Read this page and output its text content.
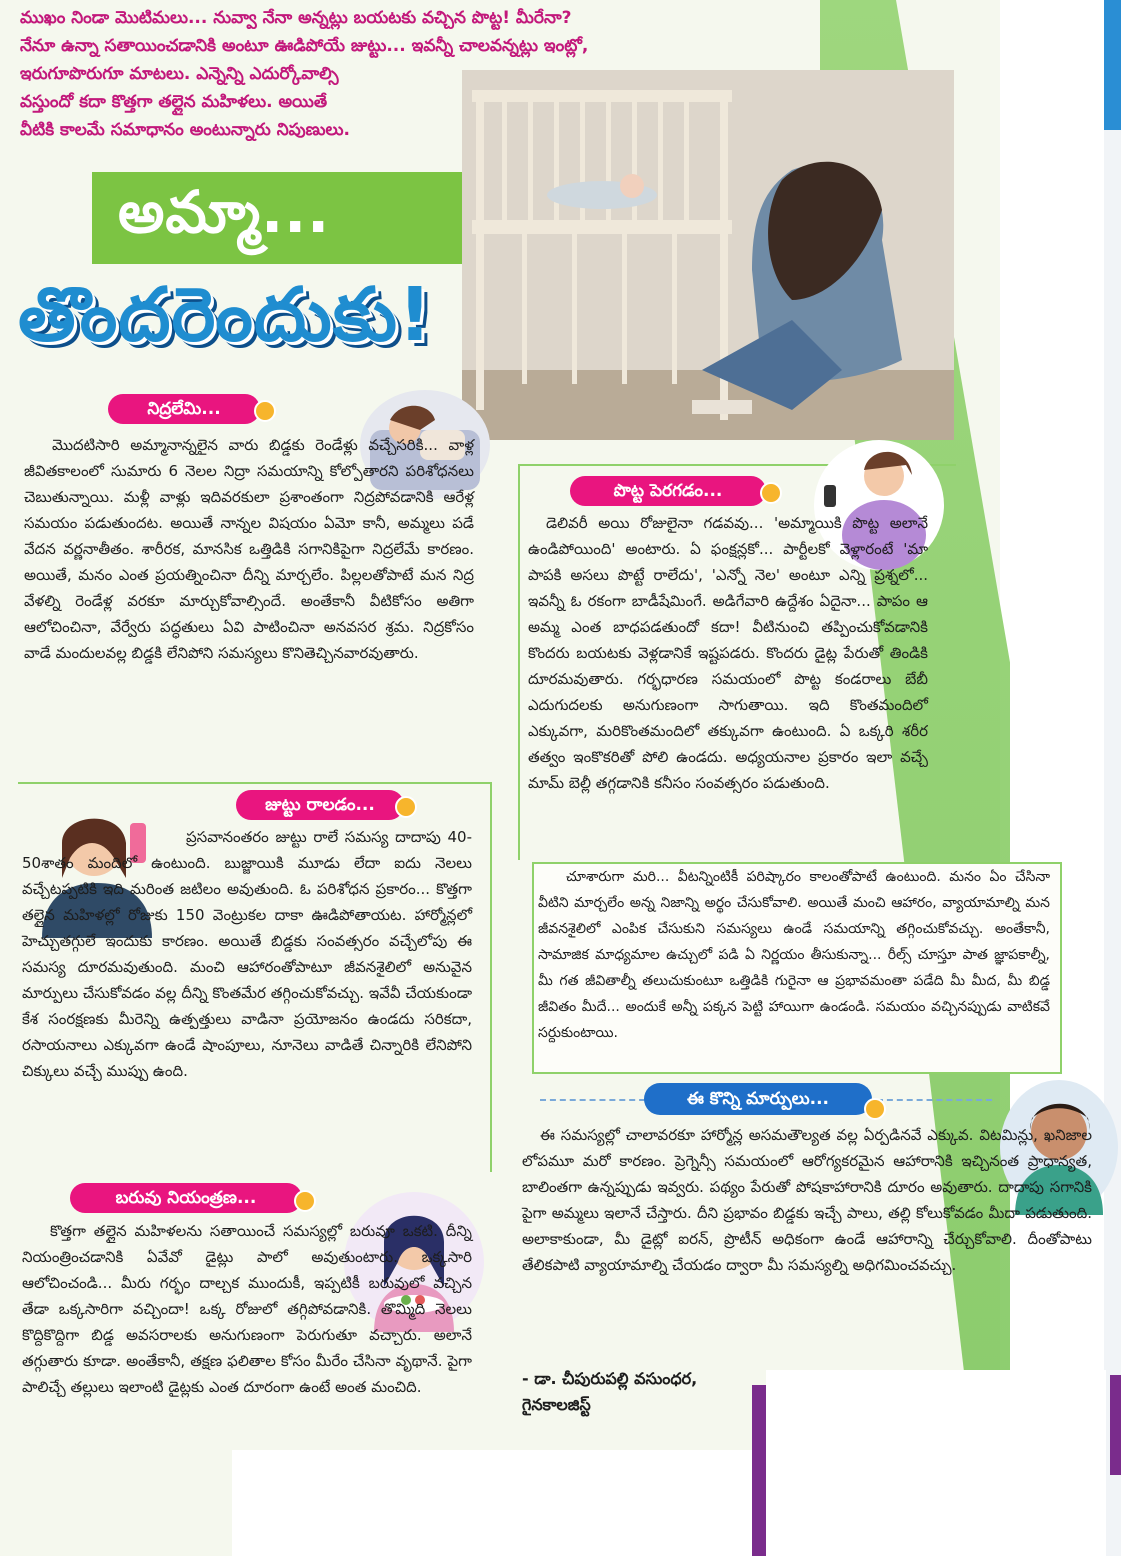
ముఖం నిండా మొటిమలు... నువ్వా నేనా అన్నట్లు బయటకు వచ్చిన పొట్ట! మీరేనా?

నేనూ ఉన్నా సతాయించడానికి అంటూ ఊడిపోయే జుట్టు... ఇవన్నీ చాలవన్నట్లు ఇంట్లో,

ఇరుగూపొరుగూ మాటలు. ఎన్నెన్ని ఎదుర్కోవాల్సి

వస్తుందో కదా కొత్తగా తల్లైన మహిళలు. అయితే

వీటికి కాలమే సమాధానం అంటున్నారు నిపుణులు.

అమ్మా...
తొందరెందుకు!
నిద్రలేమి...

మొదటిసారి అమ్మానాన్నలైన వారు బిడ్డకు రెండేళ్లు వచ్చేసరికి... వాళ్ల జీవితకాలంలో సుమారు 6 నెలల నిద్రా సమయాన్ని కోల్పోతారని పరిశోధనలు చెబుతున్నాయి. మళ్లీ వాళ్లు ఇదివరకులా ప్రశాంతంగా నిద్రపోవడానికి ఆరేళ్ల సమయం పడుతుందట. అయితే నాన్నల విషయం ఏమో కానీ, అమ్మలు పడే వేదన వర్ణనాతీతం. శారీరక, మానసిక ఒత్తిడికి సగానికిపైగా నిద్రలేమే కారణం. అయితే, మనం ఎంత ప్రయత్నించినా దీన్ని మార్చలేం. పిల్లలతోపాటే మన నిద్ర వేళల్ని రెండేళ్ల వరకూ మార్చుకోవాల్సిందే. అంతేకానీ వీటికోసం అతిగా ఆలోచించినా, వేర్వేరు పద్ధతులు ఏవి పాటించినా అనవసర శ్రమ. నిద్రకోసం వాడే మందులవల్ల బిడ్డకి లేనిపోని సమస్యలు కొనితెచ్చినవారవుతారు.

జుట్టు రాలడం...

ప్రసవానంతరం జుట్టు రాలే సమస్య దాదాపు 40-50శాతం మందిలో ఉంటుంది. బుజ్జాయికి మూడు లేదా ఐదు నెలలు వచ్చేటప్పటికి ఇది మరింత జటిలం అవుతుంది. ఓ పరిశోధన ప్రకారం... కొత్తగా తల్లైన మహిళల్లో రోజుకు 150 వెంట్రుకల దాకా ఊడిపోతాయట. హార్మోన్లలో హెచ్చుతగ్గులే ఇందుకు కారణం. అయితే బిడ్డకు సంవత్సరం వచ్చేలోపు ఈ సమస్య దూరమవుతుంది. మంచి ఆహారంతోపాటూ జీవనశైలిలో అనువైన మార్పులు చేసుకోవడం వల్ల దీన్ని కొంతమేర తగ్గించుకోవచ్చు. ఇవేవీ చేయకుండా కేశ సంరక్షణకు మీరెన్ని ఉత్పత్తులు వాడినా ప్రయోజనం ఉండదు సరికదా, రసాయనాలు ఎక్కువగా ఉండే షాంపూలు, నూనెలు వాడితే చిన్నారికి లేనిపోని చిక్కులు వచ్చే ముప్పు ఉంది.

బరువు నియంత్రణ...

కొత్తగా తల్లైన మహిళలను సతాయించే సమస్యల్లో బరువూ ఒకటి. దీన్ని నియంత్రించడానికి ఏవేవో డైట్లు పాలో అవుతుంటారు. ఒక్కసారి ఆలోచించండి... మీరు గర్భం దాల్చక ముందుకీ, ఇప్పటికీ బరువులో వచ్చిన తేడా ఒక్కసారిగా వచ్చిందా! ఒక్క రోజులో తగ్గిపోవడానికి. తొమ్మిది నెలలు కొద్దికొద్దిగా బిడ్డ అవసరాలకు అనుగుణంగా పెరుగుతూ వచ్చారు. అలానే తగ్గుతారు కూడా. అంతేకానీ, తక్షణ ఫలితాల కోసం మీరేం చేసినా వృథానే. పైగా పాలిచ్చే తల్లులు ఇలాంటి డైట్లకు ఎంత దూరంగా ఉంటే అంత మంచిది.

పొట్ట పెరగడం...

డెలివరీ అయి రోజులైనా గడవవు... 'అమ్మాయికి పొట్ట అలానే ఉండిపోయింది' అంటారు. ఏ ఫంక్షన్లకో... పార్టీలకో వెళ్లారంటే 'మా పాపకి అసలు పొట్టే రాలేదు', 'ఎన్నో నెల' అంటూ ఎన్ని ప్రశ్నలో... ఇవన్నీ ఓ రకంగా బాడీషేమింగే. అడిగేవారి ఉద్దేశం ఏదైనా... పాపం ఆ అమ్మ ఎంత బాధపడతుందో కదా! వీటినుంచి తప్పించుకోవడానికి కొందరు బయటకు వెళ్లడానికే ఇష్టపడరు. కొందరు డైట్ల పేరుతో తిండికి దూరమవుతారు. గర్భధారణ సమయంలో పొట్ట కండరాలు బేబీ ఎదుగుదలకు అనుగుణంగా సాగుతాయి. ఇది కొంతమందిలో ఎక్కువగా, మరికొంతమందిలో తక్కువగా ఉంటుంది. ఏ ఒక్కరి శరీర తత్వం ఇంకొకరితో పోలి ఉండదు. అధ్యయనాల ప్రకారం ఇలా వచ్చే మామ్ బెల్లీ తగ్గడానికి కనీసం సంవత్సరం పడుతుంది.

చూశారుగా మరి... వీటన్నింటికీ పరిష్కారం కాలంతోపాటే ఉంటుంది. మనం ఏం చేసినా వీటిని మార్చలేం అన్న నిజాన్ని అర్థం చేసుకోవాలి. అయితే మంచి ఆహారం, వ్యాయామాల్ని మన జీవనశైలిలో ఎంపిక చేసుకుని సమస్యలు ఉండే సమయాన్ని తగ్గించుకోవచ్చు. అంతేకానీ, సామాజిక మాధ్యమాల ఉచ్చులో పడి ఏ నిర్ణయం తీసుకున్నా... రీల్స్ చూస్తూ పాత జ్ఞాపకాల్నీ, మీ గత జీవితాల్నీ తలుచుకుంటూ ఒత్తిడికి గురైనా ఆ ప్రభావమంతా పడేది మీ మీద, మీ బిడ్డ జీవితం మీదే... అందుకే అన్నీ పక్కన పెట్టి హాయిగా ఉండండి. సమయం వచ్చినప్పుడు వాటికవే సర్దుకుంటాయి.

ఈ కొన్ని మార్పులు...

ఈ సమస్యల్లో చాలావరకూ హార్మోన్ల అసమతౌల్యత వల్ల ఏర్పడినవే ఎక్కువ. విటమిన్లు, ఖనిజాల లోపమూ మరో కారణం. ప్రెగ్నెన్సీ సమయంలో ఆరోగ్యకరమైన ఆహారానికి ఇచ్చినంత ప్రాధాన్యత, బాలింతగా ఉన్నప్పుడు ఇవ్వరు. పథ్యం పేరుతో పోషకాహారానికి దూరం అవుతారు. దాదాపు సగానికి పైగా అమ్మలు ఇలానే చేస్తారు. దీని ప్రభావం బిడ్డకు ఇచ్చే పాలు, తల్లి కోలుకోవడం మీదా పడుతుంది. అలాకాకుండా, మీ డైట్లో ఐరన్, ప్రొటీన్ అధికంగా ఉండే ఆహారాన్ని చేర్చుకోవాలి. దీంతోపాటు తేలికపాటి వ్యాయామాల్ని చేయడం ద్వారా మీ సమస్యల్ని అధిగమించవచ్చు.

- డా. చీపురుపల్లి వసుంధర,
గైనకాలజిస్ట్
